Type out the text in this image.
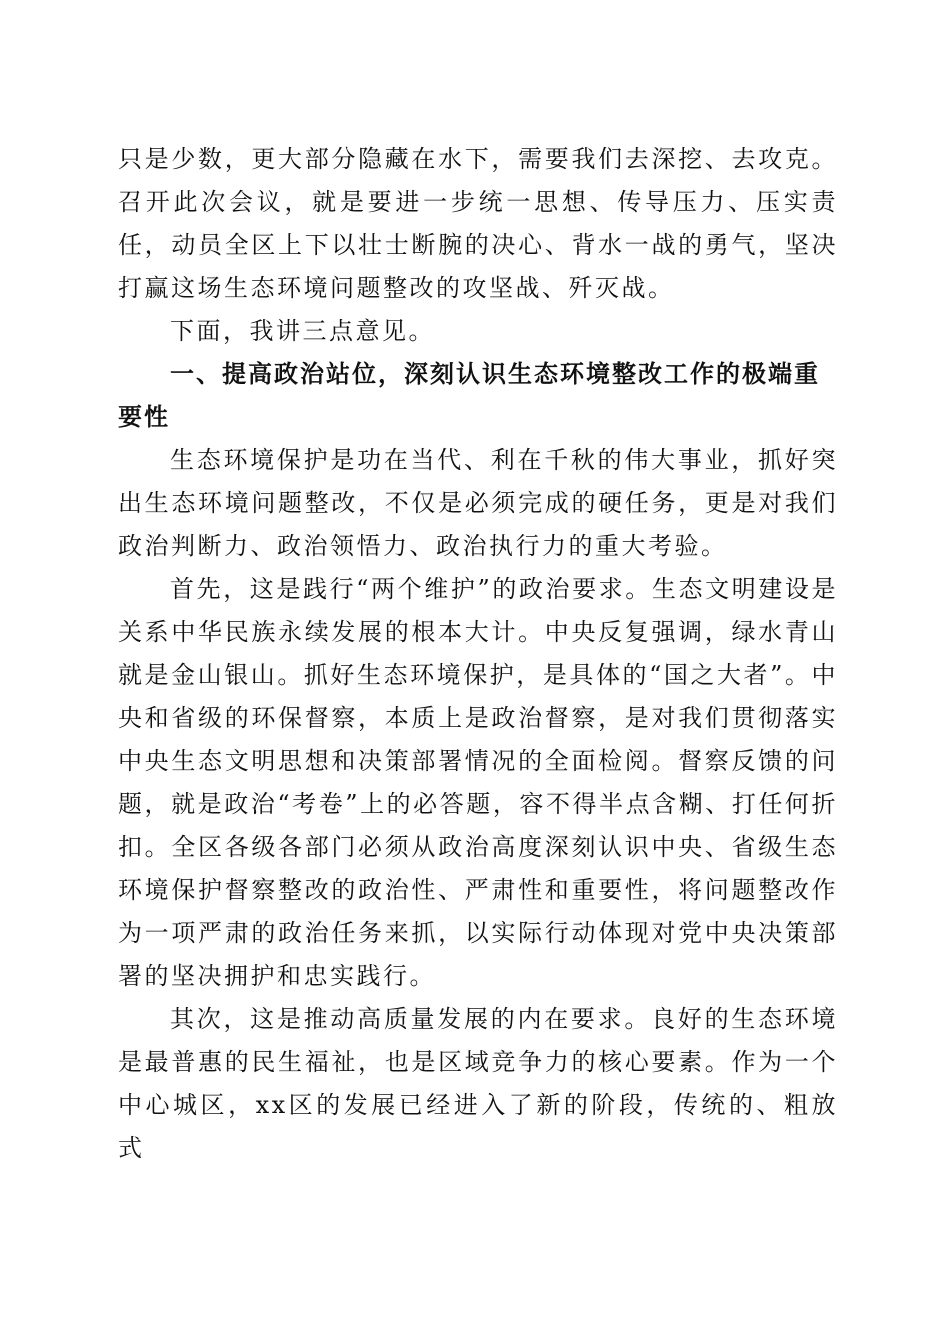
只是少数，更大部分隐藏在水下，需要我们去深挖、去攻克。召开此次会议，就是要进一步统一思想、传导压力、压实责任，动员全区上下以壮士断腕的决心、背水一战的勇气，坚决打赢这场生态环境问题整改的攻坚战、歼灭战。

下面，我讲三点意见。

一、提高政治站位，深刻认识生态环境整改工作的极端重要性

生态环境保护是功在当代、利在千秋的伟大事业，抓好突出生态环境问题整改，不仅是必须完成的硬任务，更是对我们政治判断力、政治领悟力、政治执行力的重大考验。

首先，这是践行“两个维护”的政治要求。生态文明建设是关系中华民族永续发展的根本大计。中央反复强调，绿水青山就是金山银山。抓好生态环境保护，是具体的“国之大者”。中央和省级的环保督察，本质上是政治督察，是对我们贯彻落实中央生态文明思想和决策部署情况的全面检阅。督察反馈的问题，就是政治“考卷”上的必答题，容不得半点含糊、打任何折扣。全区各级各部门必须从政治高度深刻认识中央、省级生态环境保护督察整改的政治性、严肃性和重要性，将问题整改作为一项严肃的政治任务来抓，以实际行动体现对党中央决策部署的坚决拥护和忠实践行。

其次，这是推动高质量发展的内在要求。良好的生态环境是最普惠的民生福祉，也是区域竞争力的核心要素。作为一个中心城区，xx区的发展已经进入了新的阶段，传统的、粗放式
